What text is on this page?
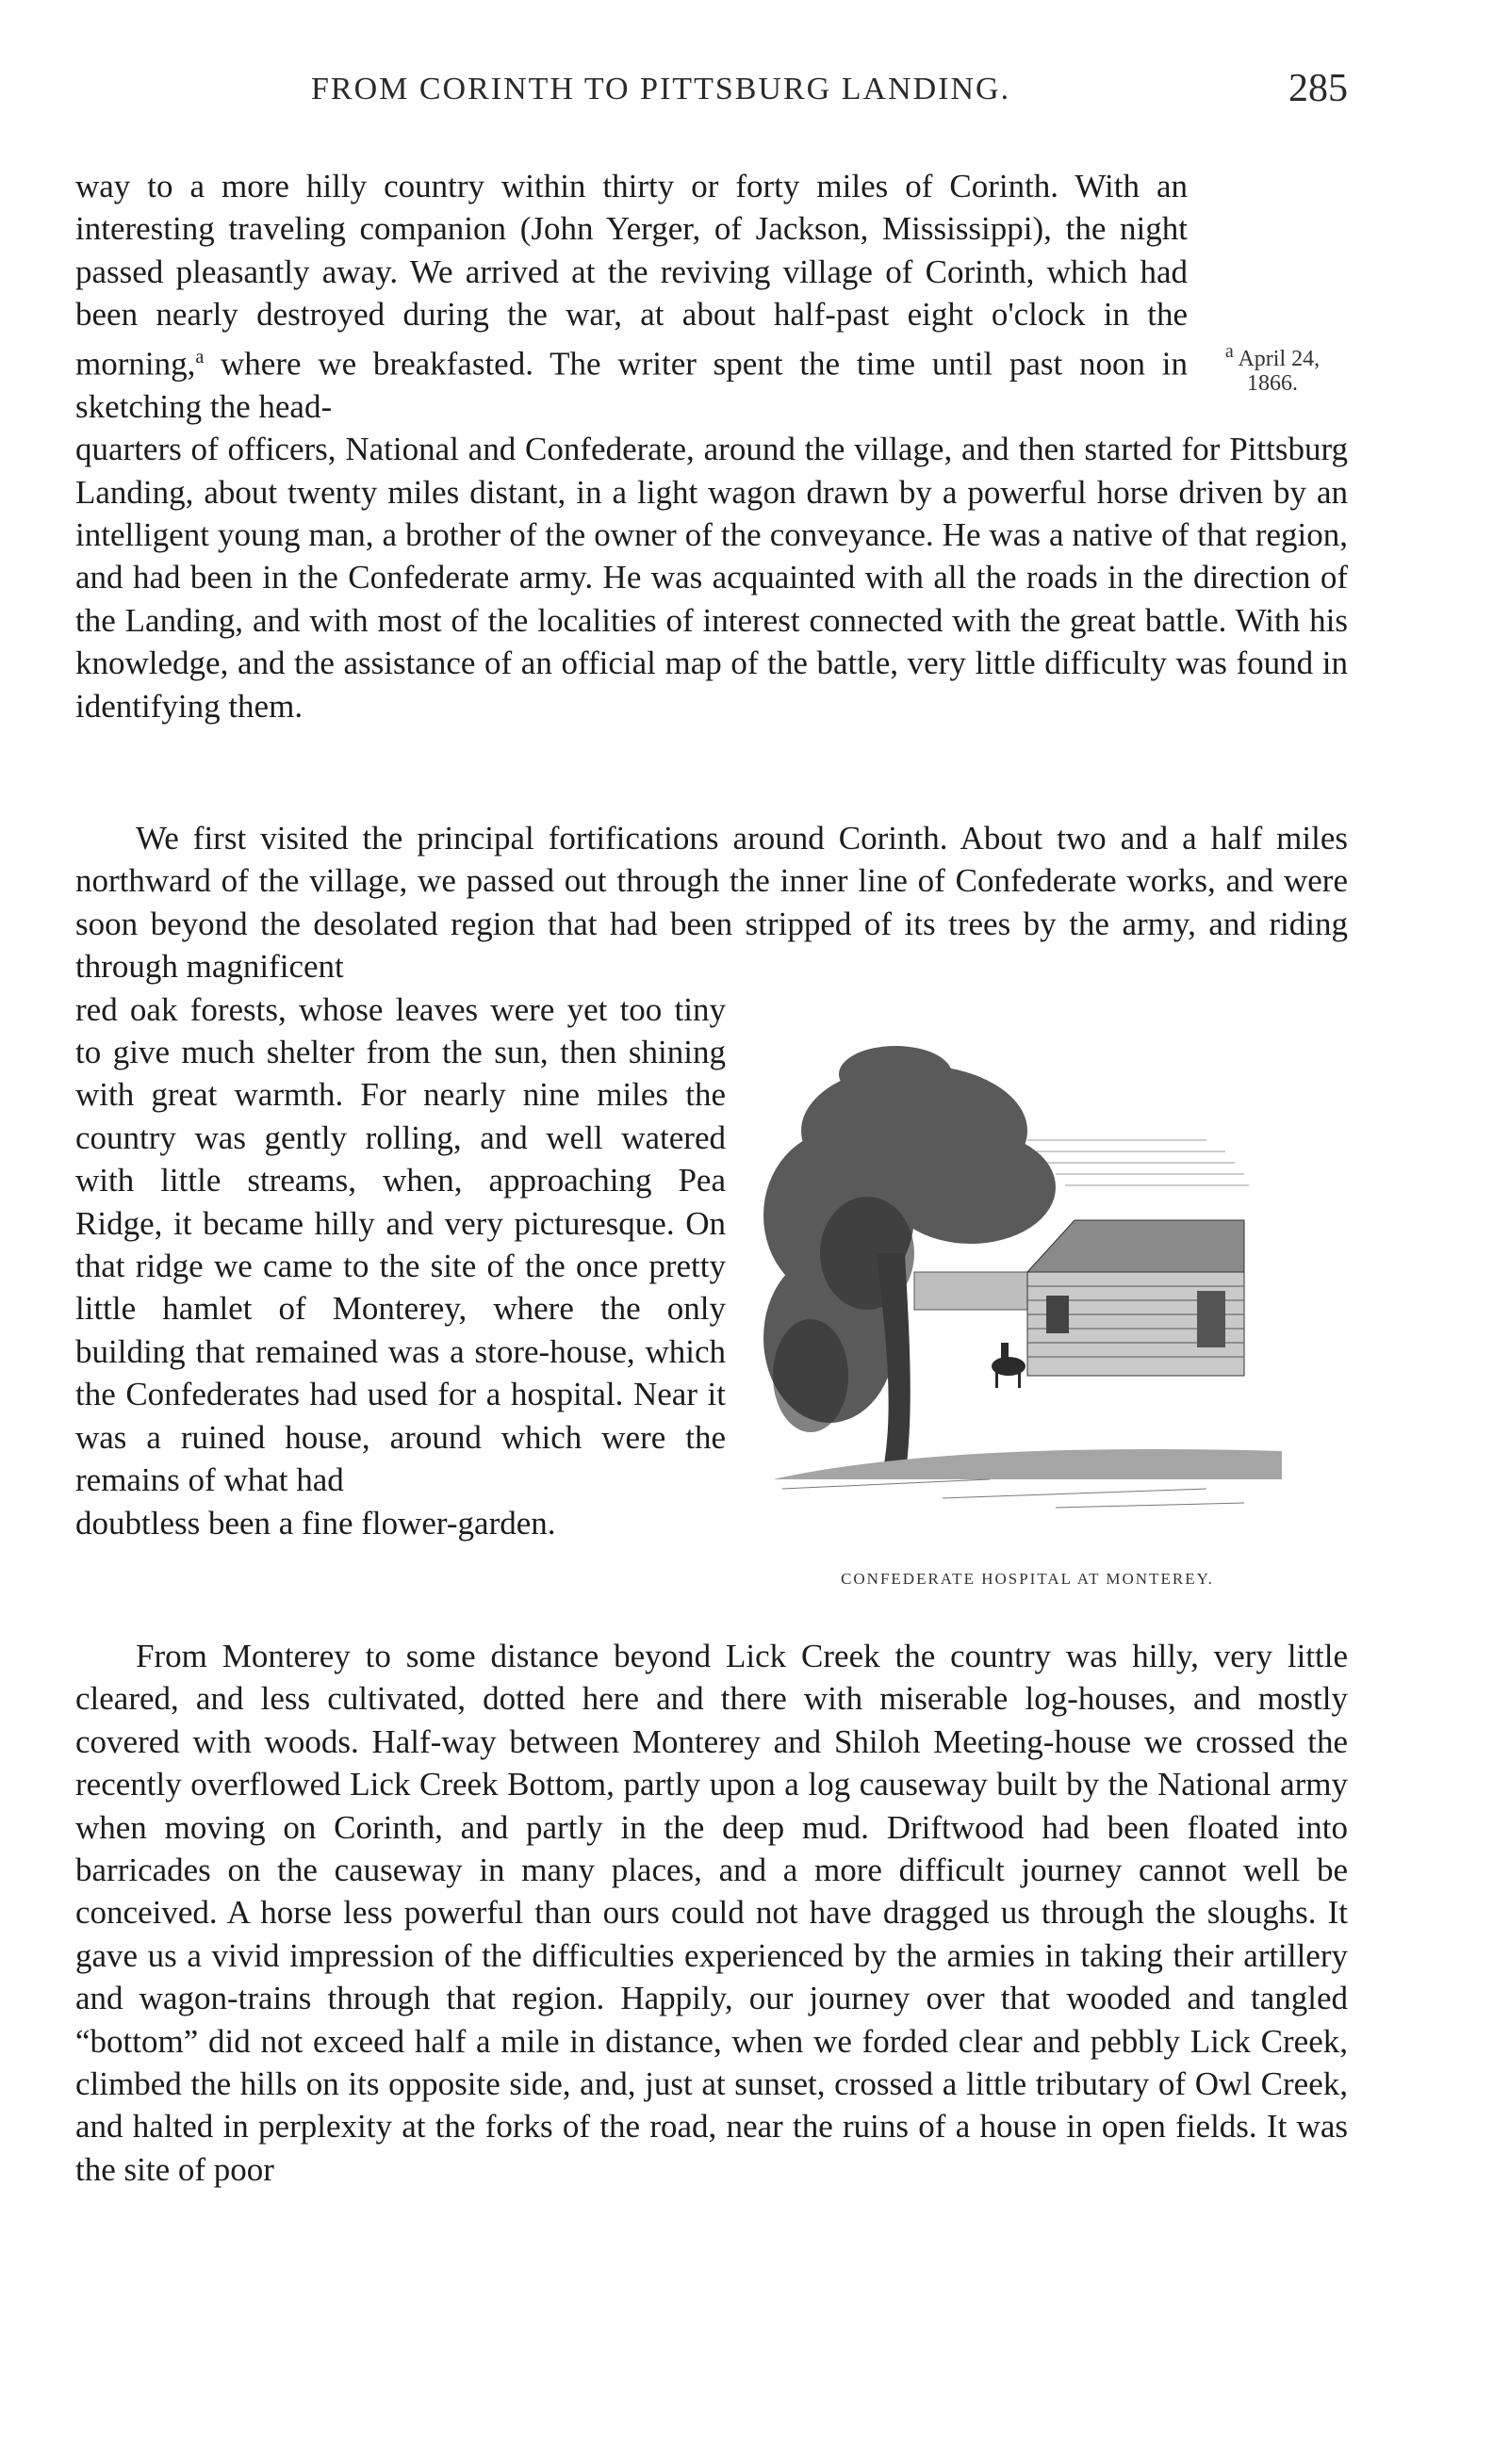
FROM CORINTH TO PITTSBURG LANDING.	285
$^a$ April 24,
1866.
way to a more hilly country within thirty or forty miles of Corinth. With an interesting traveling companion (John Yerger, of Jackson, Mississippi), the night passed pleasantly away. We arrived at the reviving village of Corinth, which had been nearly destroyed during the war, at about half-past eight o'clock in the morning,$^a$ where we breakfasted. The writer spent the time until past noon in sketching the head-
quarters of officers, National and Confederate, around the village, and then started for Pittsburg Landing, about twenty miles distant, in a light wagon drawn by a powerful horse driven by an intelligent young man, a brother of the owner of the conveyance. He was a native of that region, and had been in the Confederate army. He was acquainted with all the roads in the direction of the Landing, and with most of the localities of interest connected with the great battle. With his knowledge, and the assistance of an official map of the battle, very little difficulty was found in identifying them.
We first visited the principal fortifications around Corinth. About two and a half miles northward of the village, we passed out through the inner line of Confederate works, and were soon beyond the desolated region that had been stripped of its trees by the army, and riding through magnificent
red oak forests, whose leaves were yet too tiny to give much shelter from the sun, then shining with great warmth. For nearly nine miles the country was gently rolling, and well watered with little streams, when, approaching Pea Ridge, it became hilly and very picturesque. On that ridge we came to the site of the once pretty little hamlet of Monterey, where the only building that remained was a store-house, which the Confederates had used for a hospital. Near it was a ruined house, around which were the remains of what had
doubtless been a fine flower-garden.
CONFEDERATE HOSPITAL AT MONTEREY.
From Monterey to some distance beyond Lick Creek the country was hilly, very little cleared, and less cultivated, dotted here and there with miserable log-houses, and mostly covered with woods. Half-way between Monterey and Shiloh Meeting-house we crossed the recently overflowed Lick Creek Bottom, partly upon a log causeway built by the National army when moving on Corinth, and partly in the deep mud. Driftwood had been floated into barricades on the causeway in many places, and a more difficult journey cannot well be conceived. A horse less powerful than ours could not have dragged us through the sloughs. It gave us a vivid impression of the difficulties experienced by the armies in taking their artillery and wagon-trains through that region. Happily, our journey over that wooded and tangled “bottom” did not exceed half a mile in distance, when we forded clear and pebbly Lick Creek, climbed the hills on its opposite side, and, just at sunset, crossed a little tributary of Owl Creek, and halted in perplexity at the forks of the road, near the ruins of a house in open fields. It was the site of poor
